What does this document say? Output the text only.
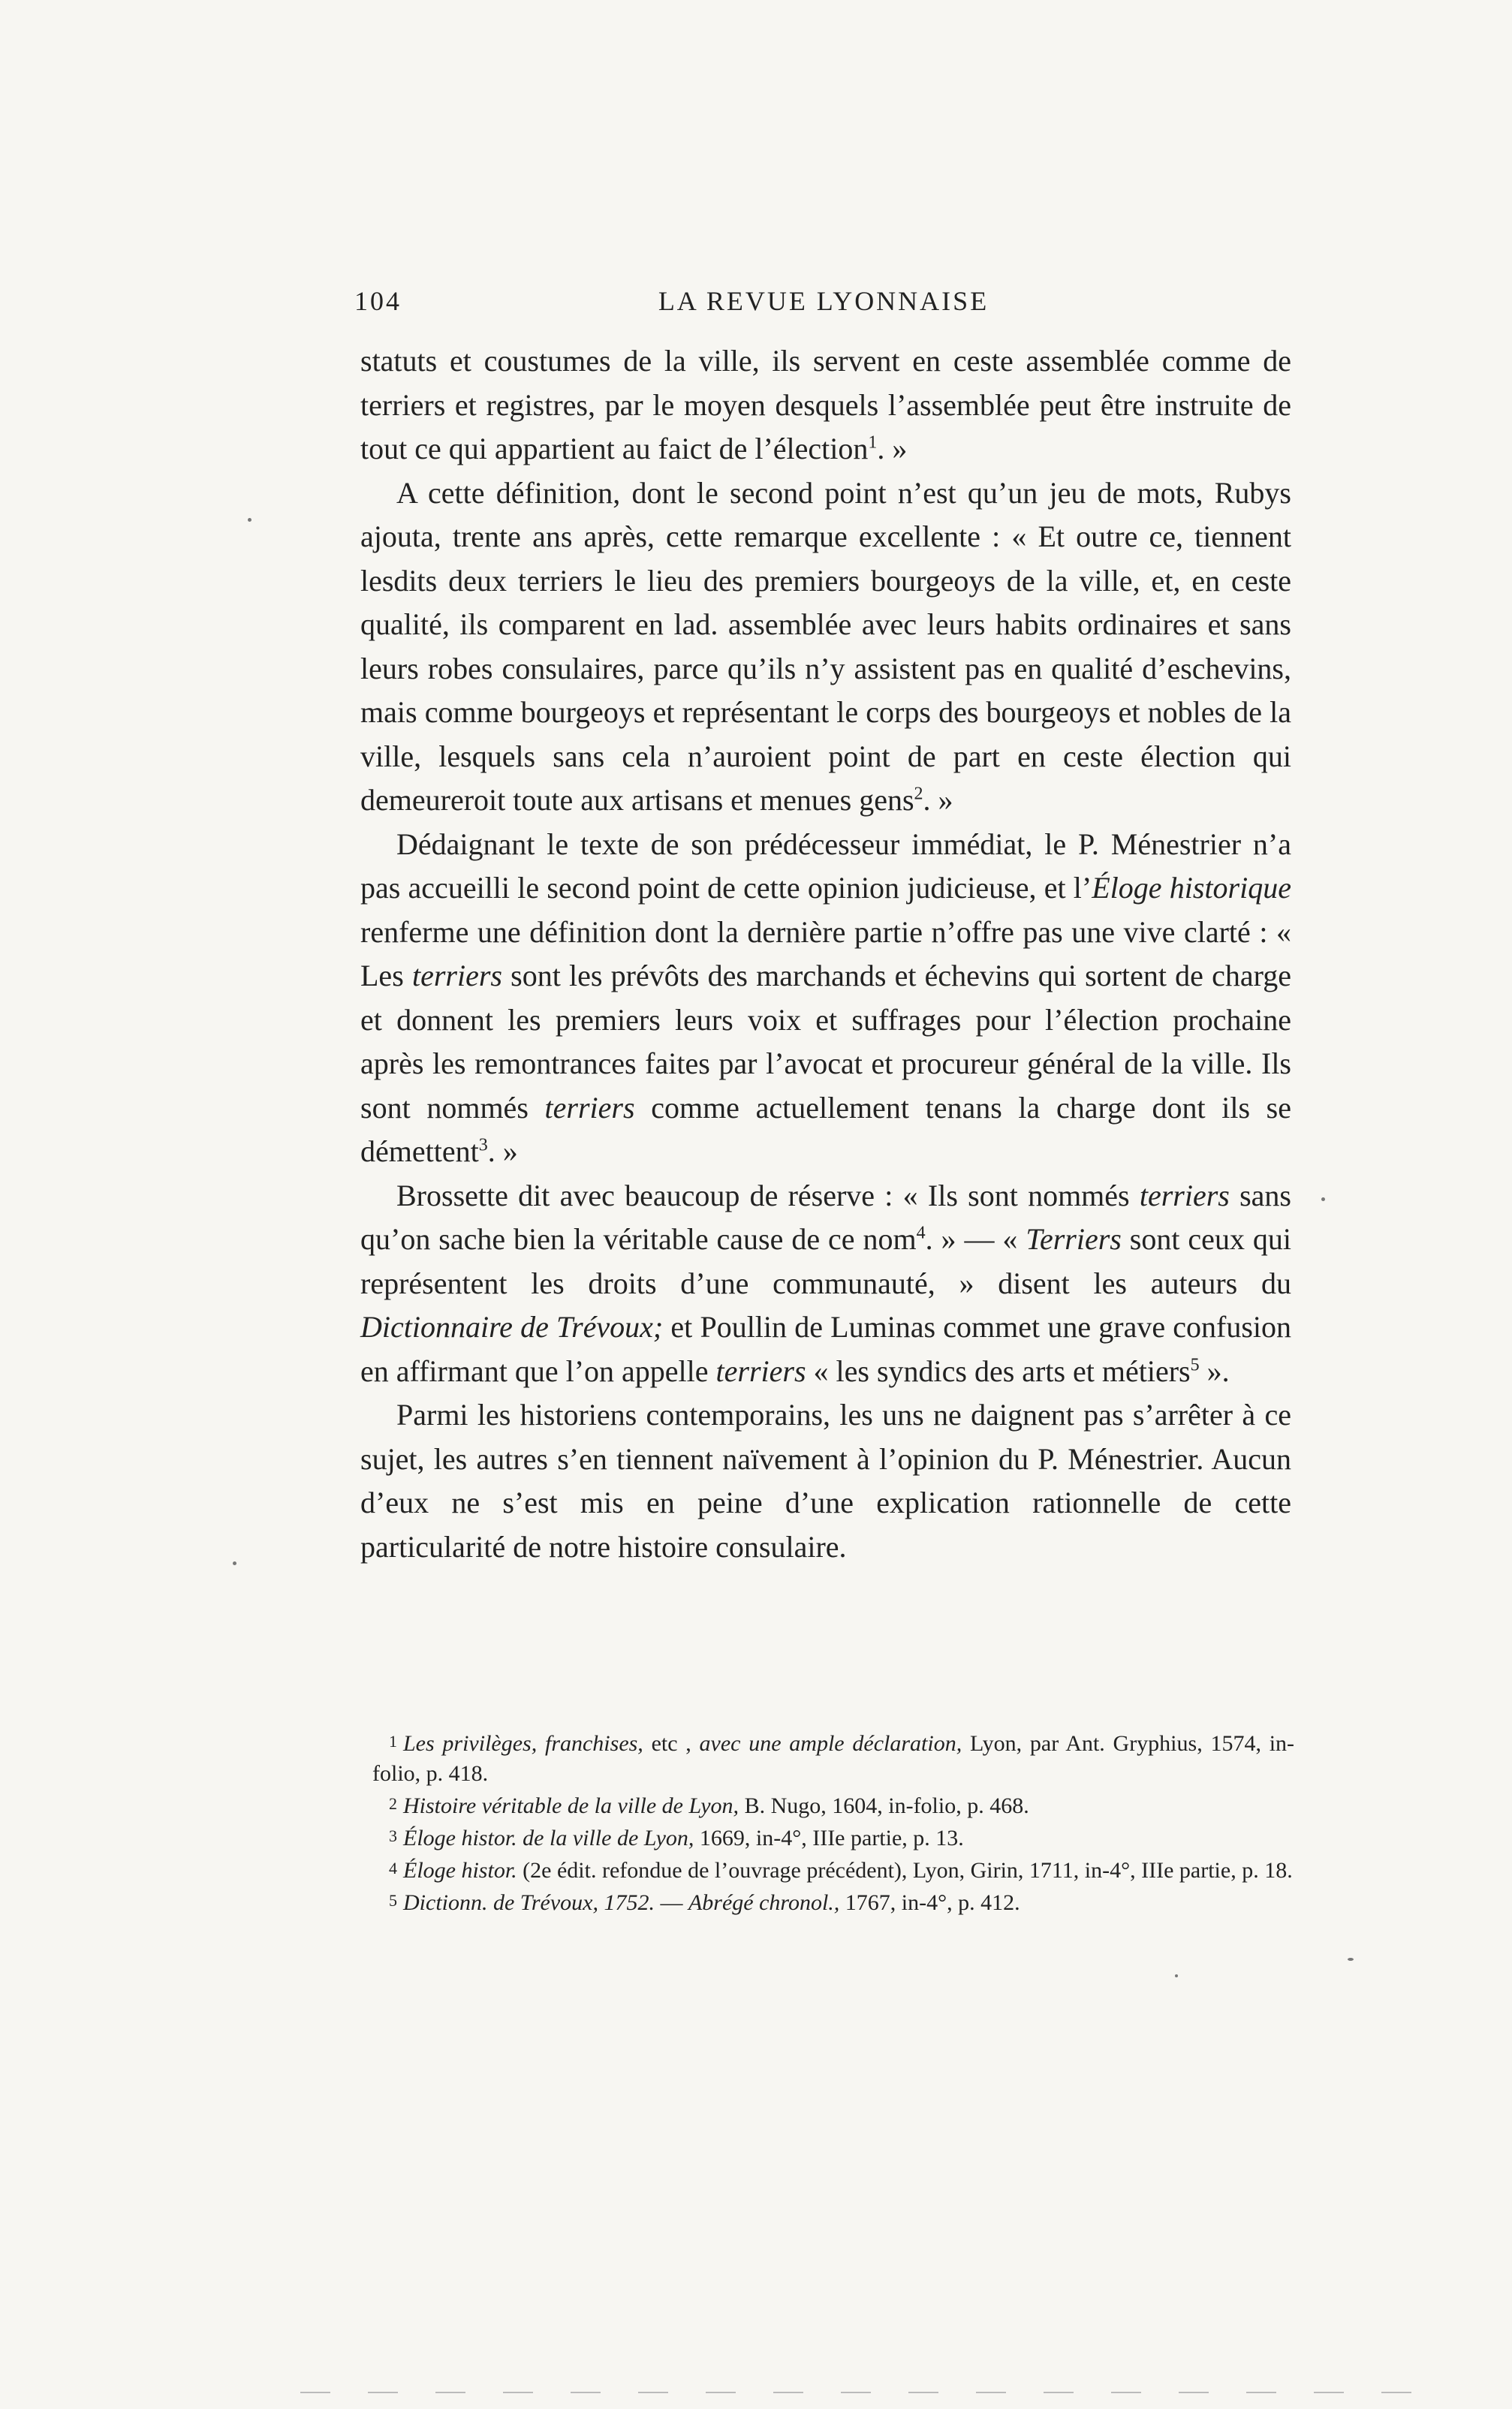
104	LA REVUE LYONNAISE

statuts et coustumes de la ville, ils servent en ceste assemblée comme de terriers et registres, par le moyen desquels l’assemblée peut être instruite de tout ce qui appartient au faict de l’élection$^1$. »

A cette définition, dont le second point n’est qu’un jeu de mots, Rubys ajouta, trente ans après, cette remarque excellente : « Et outre ce, tiennent lesdits deux terriers le lieu des premiers bourgeoys de la ville, et, en ceste qualité, ils comparent en lad. assemblée avec leurs habits ordinaires et sans leurs robes consulaires, parce qu’ils n’y assistent pas en qualité d’eschevins, mais comme bourgeoys et représentant le corps des bourgeoys et nobles de la ville, lesquels sans cela n’auroient point de part en ceste élection qui demeureroit toute aux artisans et menues gens$^2$. »

Dédaignant le texte de son prédécesseur immédiat, le P. Ménestrier n’a pas accueilli le second point de cette opinion judicieuse, et l’Éloge historique renferme une définition dont la dernière partie n’offre pas une vive clarté : « Les terriers sont les prévôts des marchands et échevins qui sortent de charge et donnent les premiers leurs voix et suffrages pour l’élection prochaine après les remontrances faites par l’avocat et procureur général de la ville. Ils sont nommés terriers comme actuellement tenans la charge dont ils se démettent$^3$. »

Brossette dit avec beaucoup de réserve : « Ils sont nommés terriers sans qu’on sache bien la véritable cause de ce nom$^4$. » — « Terriers sont ceux qui représentent les droits d’une communauté, » disent les auteurs du Dictionnaire de Trévoux; et Poullin de Luminas commet une grave confusion en affirmant que l’on appelle terriers « les syndics des arts et métiers$^5$ ».

Parmi les historiens contemporains, les uns ne daignent pas s’arrêter à ce sujet, les autres s’en tiennent naïvement à l’opinion du P. Ménestrier. Aucun d’eux ne s’est mis en peine d’une explication rationnelle de cette particularité de notre histoire consulaire.

1 Les privilèges, franchises, etc , avec une ample déclaration, Lyon, par Ant. Gryphius, 1574, in-folio, p. 418.

2 Histoire véritable de la ville de Lyon, B. Nugo, 1604, in-folio, p. 468.

3 Éloge histor. de la ville de Lyon, 1669, in-4°, IIIe partie, p. 13.

4 Éloge histor. (2e édit. refondue de l’ouvrage précédent), Lyon, Girin, 1711, in-4°, IIIe partie, p. 18.

5 Dictionn. de Trévoux, 1752. — Abrégé chronol., 1767, in-4°, p. 412.
